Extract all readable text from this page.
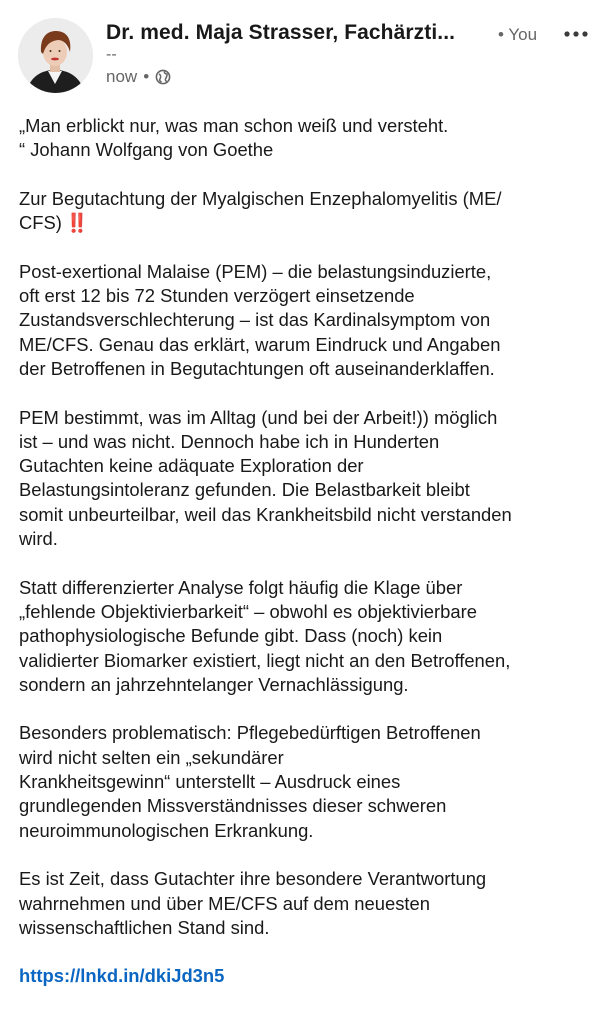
Dr. med. Maja Strasser, Fachärzti...	• You
--
now •

„Man erblickt nur, was man schon weiß und versteht.
“ Johann Wolfgang von Goethe

Zur Begutachtung der Myalgischen Enzephalomyelitis (ME/
CFS) ‼️

Post-exertional Malaise (PEM) – die belastungsinduzierte,
oft erst 12 bis 72 Stunden verzögert einsetzende
Zustandsverschlechterung – ist das Kardinalsymptom von
ME/CFS. Genau das erklärt, warum Eindruck und Angaben
der Betroffenen in Begutachtungen oft auseinanderklaffen.

PEM bestimmt, was im Alltag (und bei der Arbeit!)) möglich
ist – und was nicht. Dennoch habe ich in Hunderten
Gutachten keine adäquate Exploration der
Belastungsintoleranz gefunden. Die Belastbarkeit bleibt
somit unbeurteilbar, weil das Krankheitsbild nicht verstanden
wird.

Statt differenzierter Analyse folgt häufig die Klage über
„fehlende Objektivierbarkeit“ – obwohl es objektivierbare
pathophysiologische Befunde gibt. Dass (noch) kein
validierter Biomarker existiert, liegt nicht an den Betroffenen,
sondern an jahrzehntelanger Vernachlässigung.

Besonders problematisch: Pflegebedürftigen Betroffenen
wird nicht selten ein „sekundärer
Krankheitsgewinn“ unterstellt – Ausdruck eines
grundlegenden Missverständnisses dieser schweren
neuroimmunologischen Erkrankung.

Es ist Zeit, dass Gutachter ihre besondere Verantwortung
wahrnehmen und über ME/CFS auf dem neuesten
wissenschaftlichen Stand sind.

https://lnkd.in/dkiJd3n5
